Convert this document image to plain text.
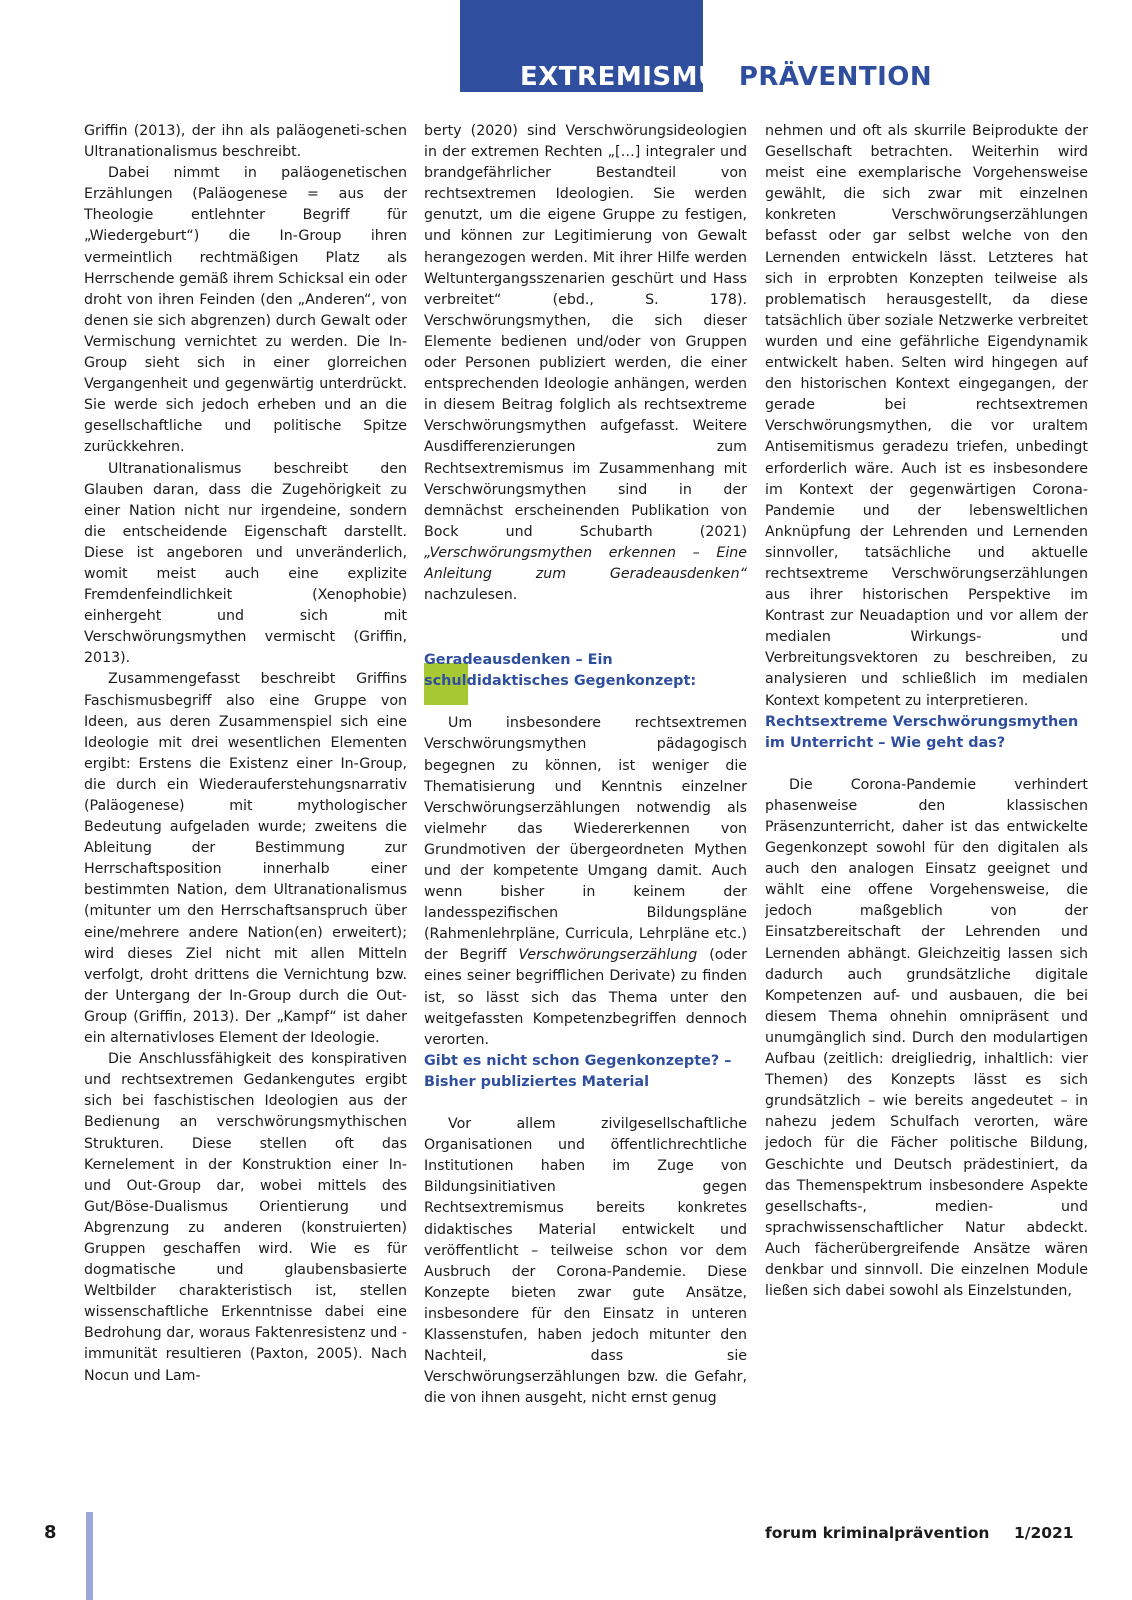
EXTREMISMUSPRÄVENTION

Griffin (2013), der ihn als paläogeneti-schen Ultranationalismus beschreibt.

Dabei nimmt in paläogenetischen Erzählungen (Paläogenese = aus der Theologie entlehnter Begriff für „Wiedergeburt“) die In-Group ihren vermeintlich rechtmäßigen Platz als Herrschende gemäß ihrem Schicksal ein oder droht von ihren Feinden (den „Anderen“, von denen sie sich abgrenzen) durch Gewalt oder Vermischung vernichtet zu werden. Die In-Group sieht sich in einer glorreichen Vergangenheit und gegenwärtig unterdrückt. Sie werde sich jedoch erheben und an die gesellschaftliche und politische Spitze zurückkehren.

Ultranationalismus beschreibt den Glauben daran, dass die Zugehörigkeit zu einer Nation nicht nur irgendeine, sondern die entscheidende Eigenschaft darstellt. Diese ist angeboren und unveränderlich, womit meist auch eine explizite Fremdenfeindlichkeit (Xenophobie) einhergeht und sich mit Verschwörungsmythen vermischt (Griffin, 2013).

Zusammengefasst beschreibt Griffins Faschismusbegriff also eine Gruppe von Ideen, aus deren Zusammenspiel sich eine Ideologie mit drei wesentlichen Elementen ergibt: Erstens die Existenz einer In-Group, die durch ein Wiederauferstehungsnarrativ (Paläogenese) mit mythologischer Bedeutung aufgeladen wurde; zweitens die Ableitung der Bestimmung zur Herrschaftsposition innerhalb einer bestimmten Nation, dem Ultranationalismus (mitunter um den Herrschaftsanspruch über eine/mehrere andere Nation(en) erweitert); wird dieses Ziel nicht mit allen Mitteln verfolgt, droht drittens die Vernichtung bzw. der Untergang der In-Group durch die Out-Group (Griffin, 2013). Der „Kampf“ ist daher ein alternativloses Element der Ideologie.

Die Anschlussfähigkeit des konspirativen und rechtsextremen Gedankengutes ergibt sich bei faschistischen Ideologien aus der Bedienung an verschwörungsmythischen Strukturen. Diese stellen oft das Kernelement in der Konstruktion einer In- und Out-Group dar, wobei mittels des Gut/Böse-Dualismus Orientierung und Abgrenzung zu anderen (konstruierten) Gruppen geschaffen wird. Wie es für dogmatische und glaubensbasierte Weltbilder charakteristisch ist, stellen wissenschaftliche Erkenntnisse dabei eine Bedrohung dar, woraus Faktenresistenz und -immunität resultieren (Paxton, 2005). Nach Nocun und Lam-

berty (2020) sind Verschwörungsideologien in der extremen Rechten „[…] integraler und brandgefährlicher Bestandteil von rechtsextremen Ideologien. Sie werden genutzt, um die eigene Gruppe zu festigen, und können zur Legitimierung von Gewalt herangezogen werden. Mit ihrer Hilfe werden Weltuntergangsszenarien geschürt und Hass verbreitet“ (ebd., S. 178). Verschwörungsmythen, die sich dieser Elemente bedienen und/oder von Gruppen oder Personen publiziert werden, die einer entsprechenden Ideologie anhängen, werden in diesem Beitrag folglich als rechtsextreme Verschwörungsmythen aufgefasst. Weitere Ausdifferenzierungen zum Rechtsextremismus im Zusammenhang mit Verschwörungsmythen sind in der demnächst erscheinenden Publikation von Bock und Schubarth (2021) „Verschwörungsmythen erkennen – Eine Anleitung zum Geradeausdenken“ nachzulesen.

Geradeausdenken – Ein schuldidaktisches Gegenkonzept:

Um insbesondere rechtsextremen Verschwörungsmythen pädagogisch begegnen zu können, ist weniger die Thematisierung und Kenntnis einzelner Verschwörungserzählungen notwendig als vielmehr das Wiedererkennen von Grundmotiven der übergeordneten Mythen und der kompetente Umgang damit. Auch wenn bisher in keinem der landesspezifischen Bildungspläne (Rahmenlehrpläne, Curricula, Lehrpläne etc.) der Begriff Verschwörungserzählung (oder eines seiner begrifflichen Derivate) zu finden ist, so lässt sich das Thema unter den weitgefassten Kompetenzbegriffen dennoch verorten.

Gibt es nicht schon Gegenkonzepte? – Bisher publiziertes Material

Vor allem zivilgesellschaftliche Organisationen und öffentlichrechtliche Institutionen haben im Zuge von Bildungsinitiativen gegen Rechtsextremismus bereits konkretes didaktisches Material entwickelt und veröffentlicht – teilweise schon vor dem Ausbruch der Corona-Pandemie. Diese Konzepte bieten zwar gute Ansätze, insbesondere für den Einsatz in unteren Klassenstufen, haben jedoch mitunter den Nachteil, dass sie Verschwörungserzählungen bzw. die Gefahr, die von ihnen ausgeht, nicht ernst genug

nehmen und oft als skurrile Beiprodukte der Gesellschaft betrachten. Weiterhin wird meist eine exemplarische Vorgehensweise gewählt, die sich zwar mit einzelnen konkreten Verschwörungserzählungen befasst oder gar selbst welche von den Lernenden entwickeln lässt. Letzteres hat sich in erprobten Konzepten teilweise als problematisch herausgestellt, da diese tatsächlich über soziale Netzwerke verbreitet wurden und eine gefährliche Eigendynamik entwickelt haben. Selten wird hingegen auf den historischen Kontext eingegangen, der gerade bei rechtsextremen Verschwörungsmythen, die vor uraltem Antisemitismus geradezu triefen, unbedingt erforderlich wäre. Auch ist es insbesondere im Kontext der gegenwärtigen Corona-Pandemie und der lebensweltlichen Anknüpfung der Lehrenden und Lernenden sinnvoller, tatsächliche und aktuelle rechtsextreme Verschwörungserzählungen aus ihrer historischen Perspektive im Kontrast zur Neuadaption und vor allem der medialen Wirkungs- und Verbreitungsvektoren zu beschreiben, zu analysieren und schließlich im medialen Kontext kompetent zu interpretieren.

Rechtsextreme Verschwörungsmythen im Unterricht – Wie geht das?

Die Corona-Pandemie verhindert phasenweise den klassischen Präsenzunterricht, daher ist das entwickelte Gegenkonzept sowohl für den digitalen als auch den analogen Einsatz geeignet und wählt eine offene Vorgehensweise, die jedoch maßgeblich von der Einsatzbereitschaft der Lehrenden und Lernenden abhängt. Gleichzeitig lassen sich dadurch auch grundsätzliche digitale Kompetenzen auf- und ausbauen, die bei diesem Thema ohnehin omnipräsent und unumgänglich sind. Durch den modulartigen Aufbau (zeitlich: dreigliedrig, inhaltlich: vier Themen) des Konzepts lässt es sich grundsätzlich – wie bereits angedeutet – in nahezu jedem Schulfach verorten, wäre jedoch für die Fächer politische Bildung, Geschichte und Deutsch prädestiniert, da das Themenspektrum insbesondere Aspekte gesellschafts-, medien- und sprachwissenschaftlicher Natur abdeckt. Auch fächerübergreifende Ansätze wären denkbar und sinnvoll. Die einzelnen Module ließen sich dabei sowohl als Einzelstunden,

8	forum kriminalprävention 1/2021
